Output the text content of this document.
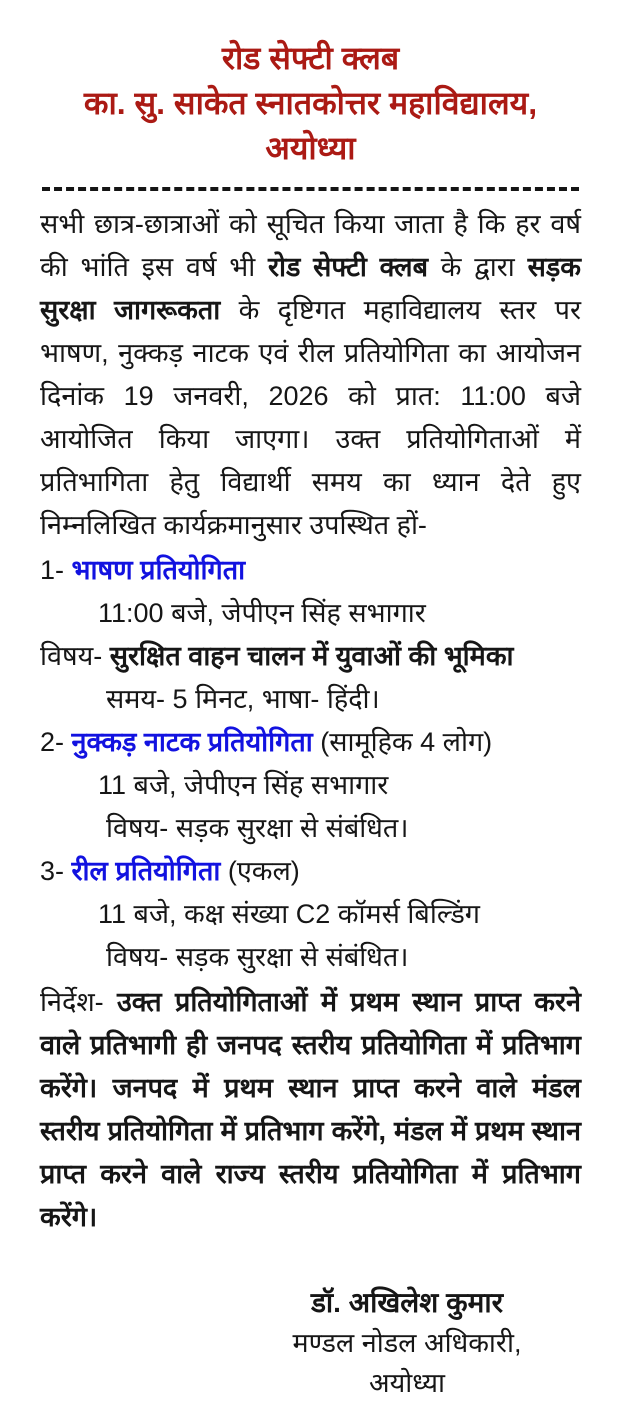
रोड सेफ्टी क्लब
का. सु. साकेत स्नातकोत्तर महाविद्यालय,
अयोध्या

सभी छात्र-छात्राओं को सूचित किया जाता है कि हर वर्ष की भांति इस वर्ष भी रोड सेफ्टी क्लब के द्वारा सड़क सुरक्षा जागरूकता के दृष्टिगत महाविद्यालय स्तर पर भाषण, नुक्कड़ नाटक एवं रील प्रतियोगिता का आयोजन दिनांक 19 जनवरी, 2026 को प्रात: 11:00 बजे आयोजित किया जाएगा। उक्त प्रतियोगिताओं में प्रतिभागिता हेतु विद्यार्थी समय का ध्यान देते हुए निम्नलिखित कार्यक्रमानुसार उपस्थित हों-

1- भाषण प्रतियोगिता
11:00 बजे, जेपीएन सिंह सभागार
विषय- सुरक्षित वाहन चालन में युवाओं की भूमिका
समय- 5 मिनट, भाषा- हिंदी।
2- नुक्कड़ नाटक प्रतियोगिता (सामूहिक 4 लोग)
11 बजे, जेपीएन सिंह सभागार
विषय- सड़क सुरक्षा से संबंधित।
3- रील प्रतियोगिता (एकल)
11 बजे, कक्ष संख्या C2 कॉमर्स बिल्डिंग
विषय- सड़क सुरक्षा से संबंधित।

निर्देश- उक्त प्रतियोगिताओं में प्रथम स्थान प्राप्त करने वाले प्रतिभागी ही जनपद स्तरीय प्रतियोगिता में प्रतिभाग करेंगे। जनपद में प्रथम स्थान प्राप्त करने वाले मंडल स्तरीय प्रतियोगिता में प्रतिभाग करेंगे, मंडल में प्रथम स्थान प्राप्त करने वाले राज्य स्तरीय प्रतियोगिता में प्रतिभाग करेंगे।

डॉ. अखिलेश कुमार
मण्डल नोडल अधिकारी,
अयोध्या
